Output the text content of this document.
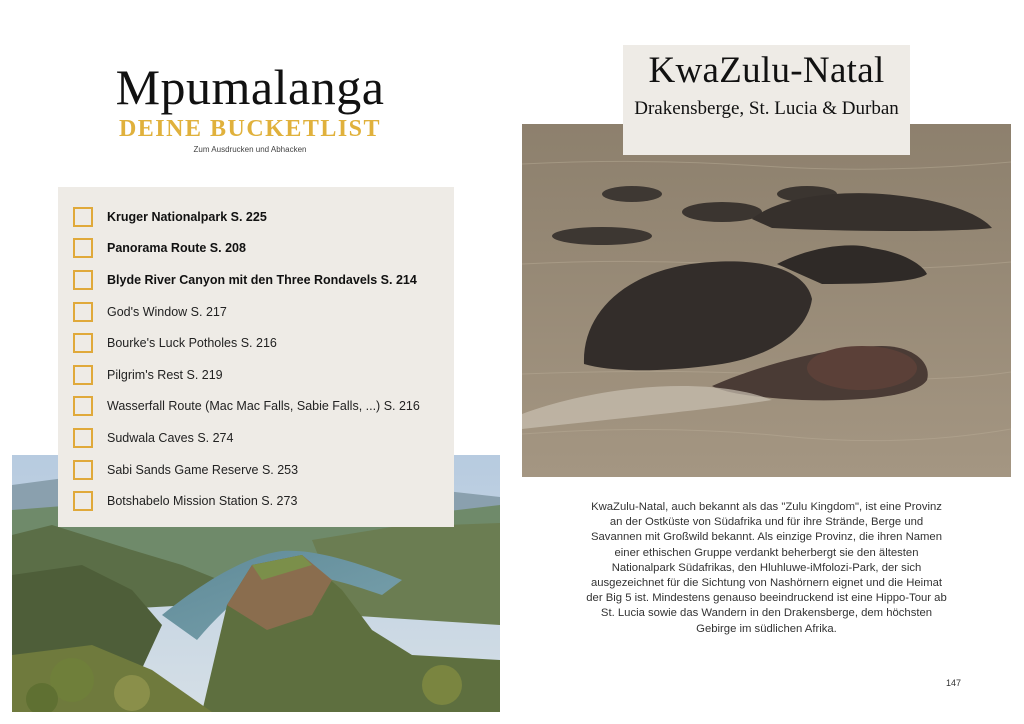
Mpumalanga
DEINE BUCKETLIST
Zum Ausdrucken und Abhacken
Kruger Nationalpark S. 225
Panorama Route S. 208
Blyde River Canyon mit den Three Rondavels S. 214
God's Window S. 217
Bourke's Luck Potholes S. 216
Pilgrim's Rest S. 219
Wasserfall Route (Mac Mac Falls, Sabie Falls, ...) S. 216
Sudwala Caves S. 274
Sabi Sands Game Reserve S. 253
Botshabelo Mission Station S. 273
KwaZulu-Natal
Drakensberge, St. Lucia & Durban
KwaZulu-Natal, auch bekannt als das "Zulu Kingdom", ist eine Provinz an der Ostküste von Südafrika und für ihre Strände, Berge und Savannen mit Großwild bekannt. Als einzige Provinz, die ihren Namen einer ethischen Gruppe verdankt beherbergt sie den ältesten Nationalpark Südafrikas, den Hluhluwe-iMfolozi-Park, der sich ausgezeichnet für die Sichtung von Nashörnern eignet und die Heimat der Big 5 ist. Mindestens genauso beeindruckend ist eine Hippo-Tour ab St. Lucia sowie das Wandern in den Drakensberge, dem höchsten Gebirge im südlichen Afrika.
147
